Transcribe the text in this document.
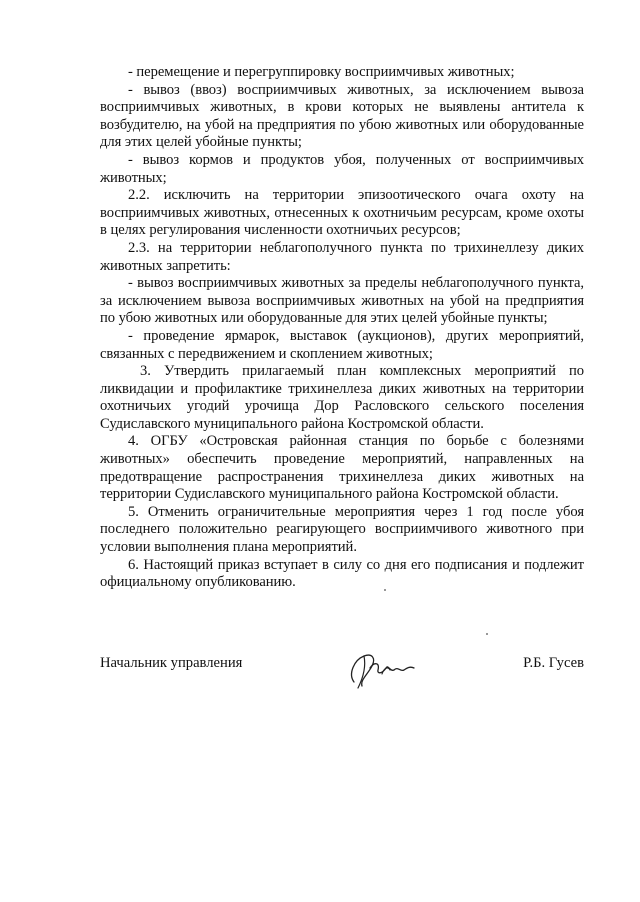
- перемещение и перегруппировку восприимчивых животных;

- вывоз (ввоз) восприимчивых животных, за исключением вывоза восприимчивых животных, в крови которых не выявлены антитела к возбудителю, на убой на предприятия по убою животных или оборудованные для этих целей убойные пункты;

- вывоз кормов и продуктов убоя, полученных от восприимчивых животных;

2.2. исключить на территории эпизоотического очага охоту на восприимчивых животных, отнесенных к охотничьим ресурсам, кроме охоты в целях регулирования численности охотничьих ресурсов;

2.3. на территории неблагополучного пункта по трихинеллезу диких животных запретить:

- вывоз восприимчивых животных за пределы неблагополучного пункта, за исключением вывоза восприимчивых животных на убой на предприятия по убою животных или оборудованные для этих целей убойные пункты;

- проведение ярмарок, выставок (аукционов), других мероприятий, связанных с передвижением и скоплением животных;

3. Утвердить прилагаемый план комплексных мероприятий по ликвидации и профилактике трихинеллеза диких животных на территории охотничьих угодий урочища Дор Расловского сельского поселения Судиславского муниципального района Костромской области.

4. ОГБУ «Островская районная станция по борьбе с болезнями животных» обеспечить проведение мероприятий, направленных на предотвращение распространения трихинеллеза диких животных на территории Судиславского муниципального района Костромской области.

5. Отменить ограничительные мероприятия через 1 год после убоя последнего положительно реагирующего восприимчивого животного при условии выполнения плана мероприятий.

6. Настоящий приказ вступает в силу со дня его подписания и подлежит официальному опубликованию.

Начальник управления	Р.Б. Гусев
